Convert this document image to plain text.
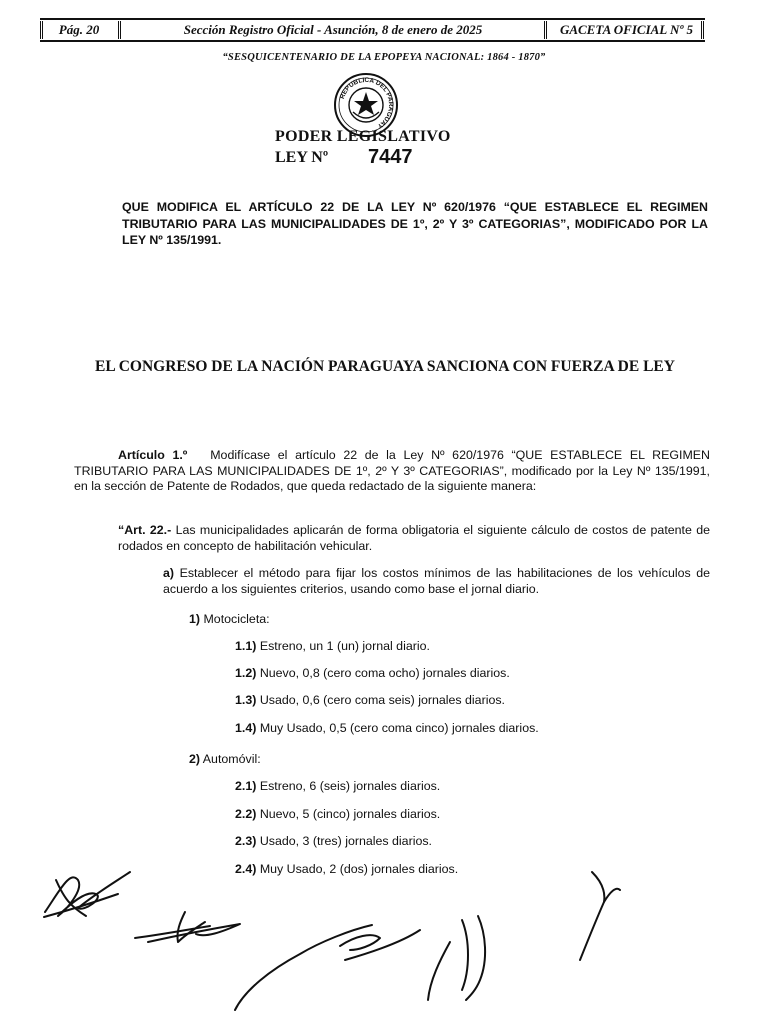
Pág. 20	Sección Registro Oficial - Asunción, 8 de enero de 2025	GACETA OFICIAL Nº 5
“SESQUICENTENARIO DE LA EPOPEYA NACIONAL: 1864 - 1870”
REPUBLICA DEL PARAGUAY
PODER LEGISLATIVO
LEY Nº 7447
QUE MODIFICA EL ARTÍCULO 22 DE LA LEY Nº 620/1976 “QUE ESTABLECE EL REGIMEN TRIBUTARIO PARA LAS MUNICIPALIDADES DE 1º, 2º Y 3º CATEGORIAS”, MODIFICADO POR LA LEY Nº 135/1991.
EL CONGRESO DE LA NACIÓN PARAGUAYA SANCIONA CON FUERZA DE LEY
Artículo 1.º Modifícase el artículo 22 de la Ley Nº 620/1976 “QUE ESTABLECE EL REGIMEN TRIBUTARIO PARA LAS MUNICIPALIDADES DE 1º, 2º Y 3º CATEGORIAS”, modificado por la Ley Nº 135/1991, en la sección de Patente de Rodados, que queda redactado de la siguiente manera:
“Art. 22.- Las municipalidades aplicarán de forma obligatoria el siguiente cálculo de costos de patente de rodados en concepto de habilitación vehicular.
a) Establecer el método para fijar los costos mínimos de las habilitaciones de los vehículos de acuerdo a los siguientes criterios, usando como base el jornal diario.
1) Motocicleta:
1.1) Estreno, un 1 (un) jornal diario.
1.2) Nuevo, 0,8 (cero coma ocho) jornales diarios.
1.3) Usado, 0,6 (cero coma seis) jornales diarios.
1.4) Muy Usado, 0,5 (cero coma cinco) jornales diarios.
2) Automóvil:
2.1) Estreno, 6 (seis) jornales diarios.
2.2) Nuevo, 5 (cinco) jornales diarios.
2.3) Usado, 3 (tres) jornales diarios.
2.4) Muy Usado, 2 (dos) jornales diarios.
